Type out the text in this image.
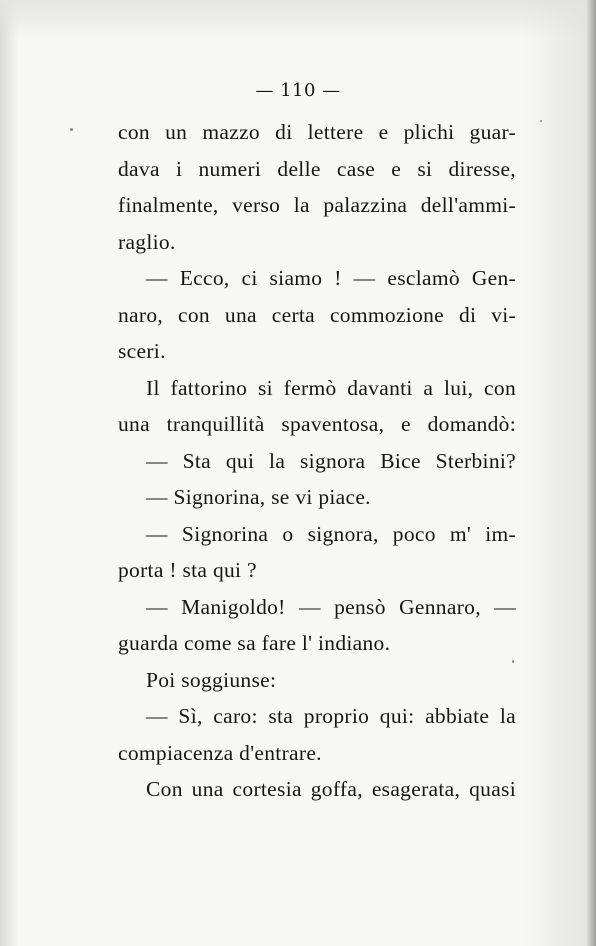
— 110 —
con un mazzo di lettere e plichi guar-
dava i numeri delle case e si diresse,
finalmente, verso la palazzina dell'ammi-
raglio.
— Ecco, ci siamo ! — esclamò Gen-
naro, con una certa commozione di vi-
sceri.
Il fattorino si fermò davanti a lui, con
una tranquillità spaventosa, e domandò:
— Sta qui la signora Bice Sterbini?
— Signorina, se vi piace.
— Signorina o signora, poco m' im-
porta ! sta qui ?
— Manigoldo! — pensò Gennaro, —
guarda come sa fare l' indiano.
Poi soggiunse:
— Sì, caro: sta proprio qui: abbiate la
compiacenza d'entrare.
Con una cortesia goffa, esagerata, quasi
